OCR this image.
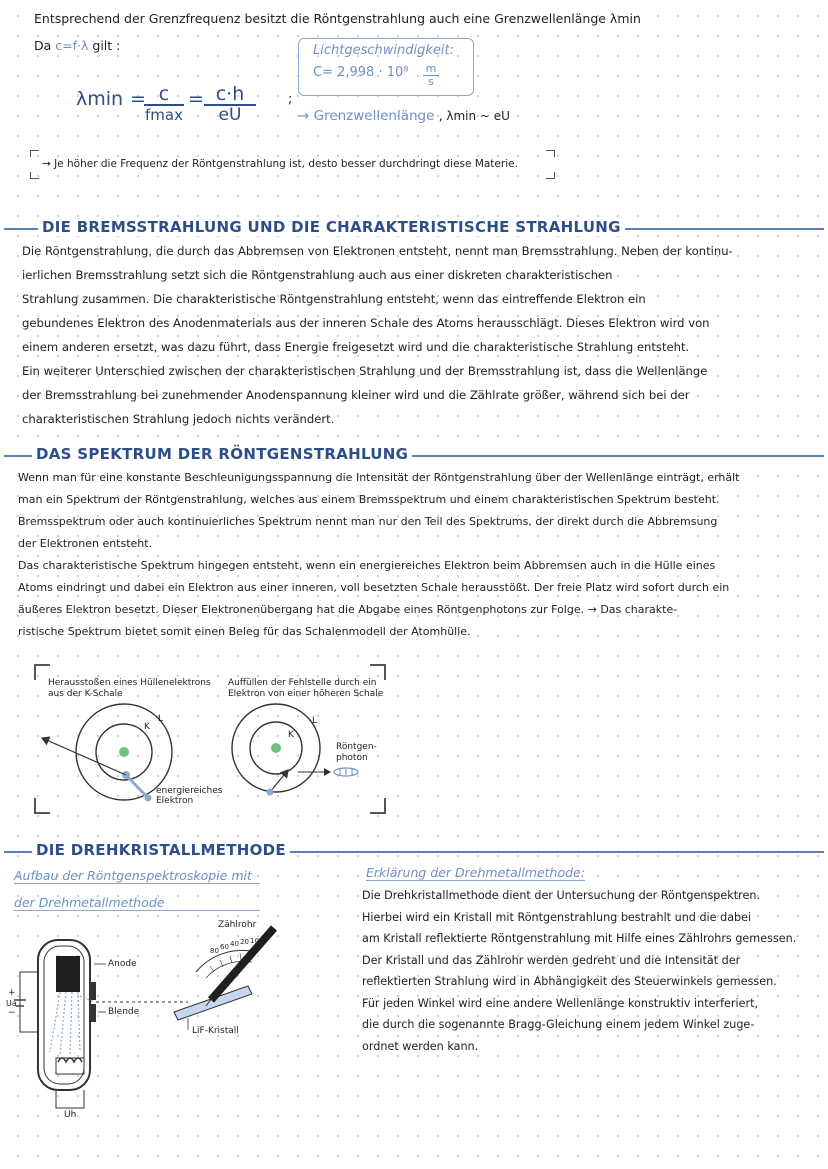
Entsprechend der Grenzfrequenz besitzt die Röntgenstrahlung auch eine Grenzwellenlänge λmin
Da c=f·λ gilt :
λmin = c
fmax
= c·h
eU
;
Lichtgeschwindigkeit:
C= 2,998 · 10⁸ m
s
→ Grenzwellenlänge , λmin ~ eU
→ Je höher die Frequenz der Röntgenstrahlung ist, desto besser durchdringt diese Materie.
DIE BREMSSTRAHLUNG UND DIE CHARAKTERISTISCHE STRAHLUNG
Die Röntgenstrahlung, die durch das Abbremsen von Elektronen entsteht, nennt man Bremsstrahlung. Neben der kontinu-
ierlichen Bremsstrahlung setzt sich die Röntgenstrahlung auch aus einer diskreten charakteristischen
Strahlung zusammen. Die charakteristische Röntgenstrahlung entsteht, wenn das eintreffende Elektron ein
gebundenes Elektron des Anodenmaterials aus der inneren Schale des Atoms herausschlägt. Dieses Elektron wird von
einem anderen ersetzt, was dazu führt, dass Energie freigesetzt wird und die charakteristische Strahlung entsteht.
Ein weiterer Unterschied zwischen der charakteristischen Strahlung und der Bremsstrahlung ist, dass die Wellenlänge
der Bremsstrahlung bei zunehmender Anodenspannung kleiner wird und die Zählrate größer, während sich bei der
charakteristischen Strahlung jedoch nichts verändert.
DAS SPEKTRUM DER RÖNTGENSTRAHLUNG
Wenn man für eine konstante Beschleunigungsspannung die Intensität der Röntgenstrahlung über der Wellenlänge einträgt, erhält
man ein Spektrum der Röntgenstrahlung, welches aus einem Bremsspektrum und einem charakteristischen Spektrum besteht.
Bremsspektrum oder auch kontinuierliches Spektrum nennt man nur den Teil des Spektrums, der direkt durch die Abbremsung
der Elektronen entsteht.
Das charakteristische Spektrum hingegen entsteht, wenn ein energiereiches Elektron beim Abbremsen auch in die Hülle eines
Atoms eindringt und dabei ein Elektron aus einer inneren, voll besetzten Schale herausstößt. Der freie Platz wird sofort durch ein
äußeres Elektron besetzt. Dieser Elektronenübergang hat die Abgabe eines Röntgenphotons zur Folge. → Das charakte-
ristische Spektrum bietet somit einen Beleg für das Schalenmodell der Atomhülle.
Herausstoßen eines Hüllenelektrons
aus der K-Schale
Auffüllen der Fehlstelle durch ein
Elektron von einer höheren Schale
K
L
K
L
energiereiches
Elektron
Röntgen-
photon
DIE DREHKRISTALLMETHODE
Aufbau der Röntgenspektroskopie mit
der Drehmetallmethode
Zählrohr
Anode
Blende
LiF-Kristall
+
−
Ua
Uh
80 60 40 20 10
Erklärung der Drehmetallmethode:
Die Drehkristallmethode dient der Untersuchung der Röntgenspektren.
Hierbei wird ein Kristall mit Röntgenstrahlung bestrahlt und die dabei
am Kristall reflektierte Röntgenstrahlung mit Hilfe eines Zählrohrs gemessen.
Der Kristall und das Zählrohr werden gedreht und die Intensität der
reflektierten Strahlung wird in Abhängigkeit des Steuerwinkels gemessen.
Für jeden Winkel wird eine andere Wellenlänge konstruktiv interferiert,
die durch die sogenannte Bragg-Gleichung einem jedem Winkel zuge-
ordnet werden kann.
